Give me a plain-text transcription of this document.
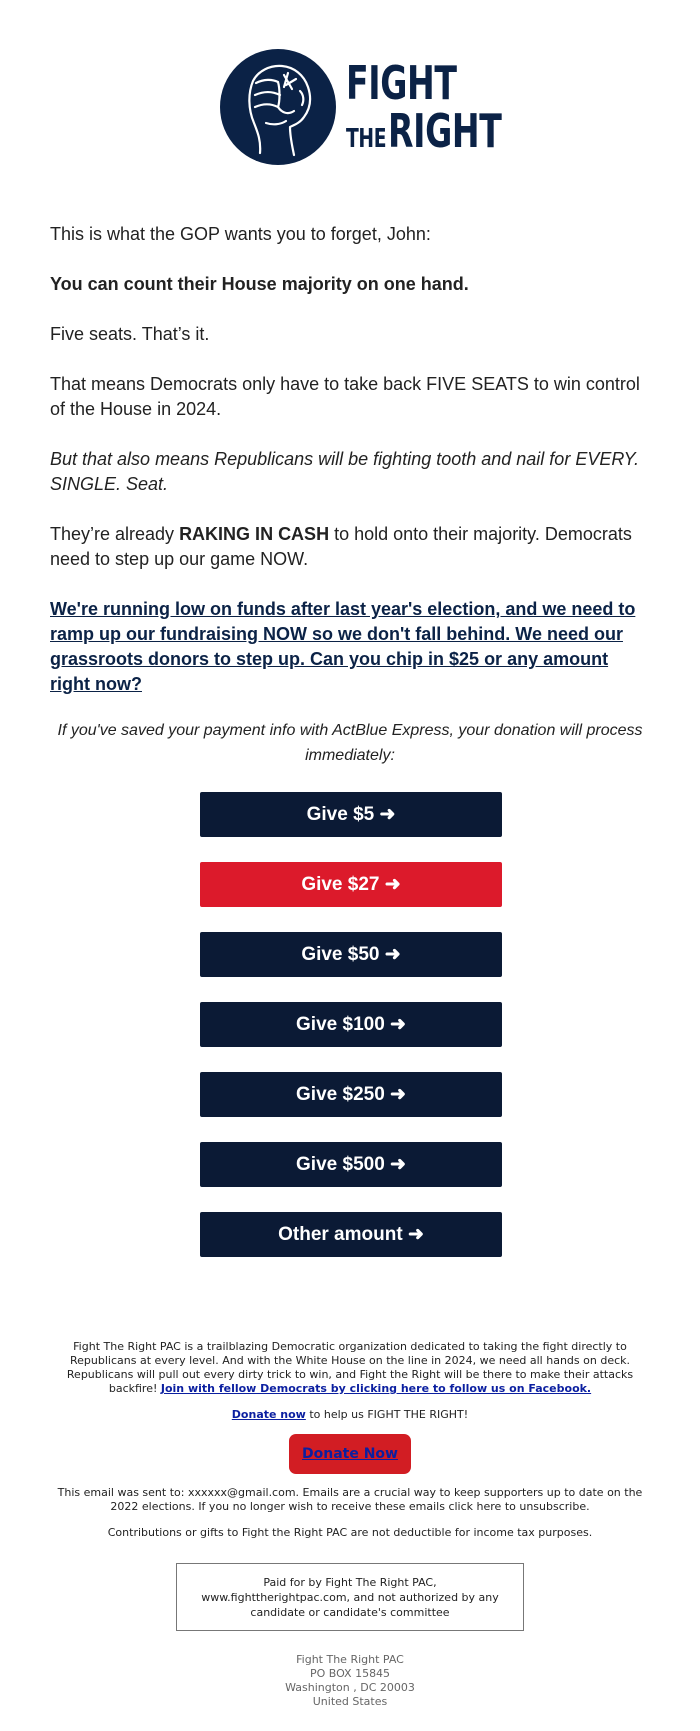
FIGHT
THE RIGHT

This is what the GOP wants you to forget, John:

You can count their House majority on one hand.

Five seats. That’s it.

That means Democrats only have to take back FIVE SEATS to win control of the House in 2024.

But that also means Republicans will be fighting tooth and nail for EVERY. SINGLE. Seat.

They’re already RAKING IN CASH to hold onto their majority. Democrats need to step up our game NOW.

We're running low on funds after last year's election, and we need to ramp up our fundraising NOW so we don't fall behind. We need our grassroots donors to step up. Can you chip in $25 or any amount right now?

If you've saved your payment info with ActBlue Express, your donation will process immediately:
Give $5 ➜
Give $27 ➜
Give $50 ➜
Give $100 ➜
Give $250 ➜
Give $500 ➜
Other amount ➜

Fight The Right PAC is a trailblazing Democratic organization dedicated to taking the fight directly to Republicans at every level. And with the White House on the line in 2024, we need all hands on deck. Republicans will pull out every dirty trick to win, and Fight the Right will be there to make their attacks backfire! Join with fellow Democrats by clicking here to follow us on Facebook.

Donate now to help us FIGHT THE RIGHT!

Donate Now

This email was sent to: xxxxxx@gmail.com. Emails are a crucial way to keep supporters up to date on the 2022 elections. If you no longer wish to receive these emails click here to unsubscribe.

Contributions or gifts to Fight the Right PAC are not deductible for income tax purposes.

Paid for by Fight The Right PAC, www.fighttherightpac.com, and not authorized by any candidate or candidate's committee
Fight The Right PAC
PO BOX 15845
Washington , DC 20003
United States
